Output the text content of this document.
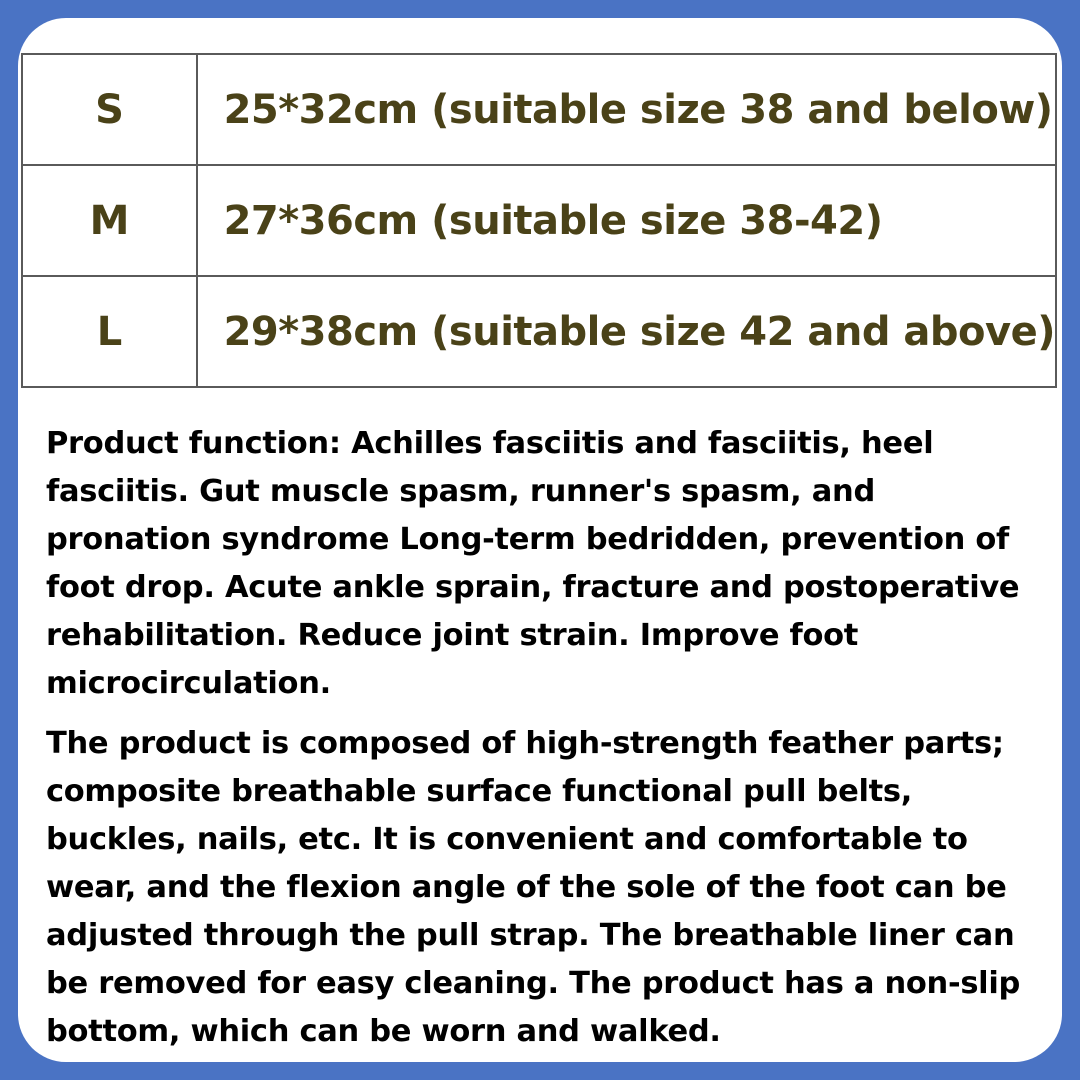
S	25*32cm (suitable size 38 and below)
M	27*36cm (suitable size 38-42)
L	29*38cm (suitable size 42 and above)

Product function: Achilles fasciitis and fasciitis, heel fasciitis. Gut muscle spasm, runner's spasm, and pronation syndrome Long-term bedridden, prevention of foot drop. Acute ankle sprain, fracture and postoperative rehabilitation. Reduce joint strain. Improve foot microcirculation.

The product is composed of high-strength feather parts; composite breathable surface functional pull belts, buckles, nails, etc. It is convenient and comfortable to wear, and the flexion angle of the sole of the foot can be adjusted through the pull strap. The breathable liner can be removed for easy cleaning. The product has a non-slip bottom, which can be worn and walked.
